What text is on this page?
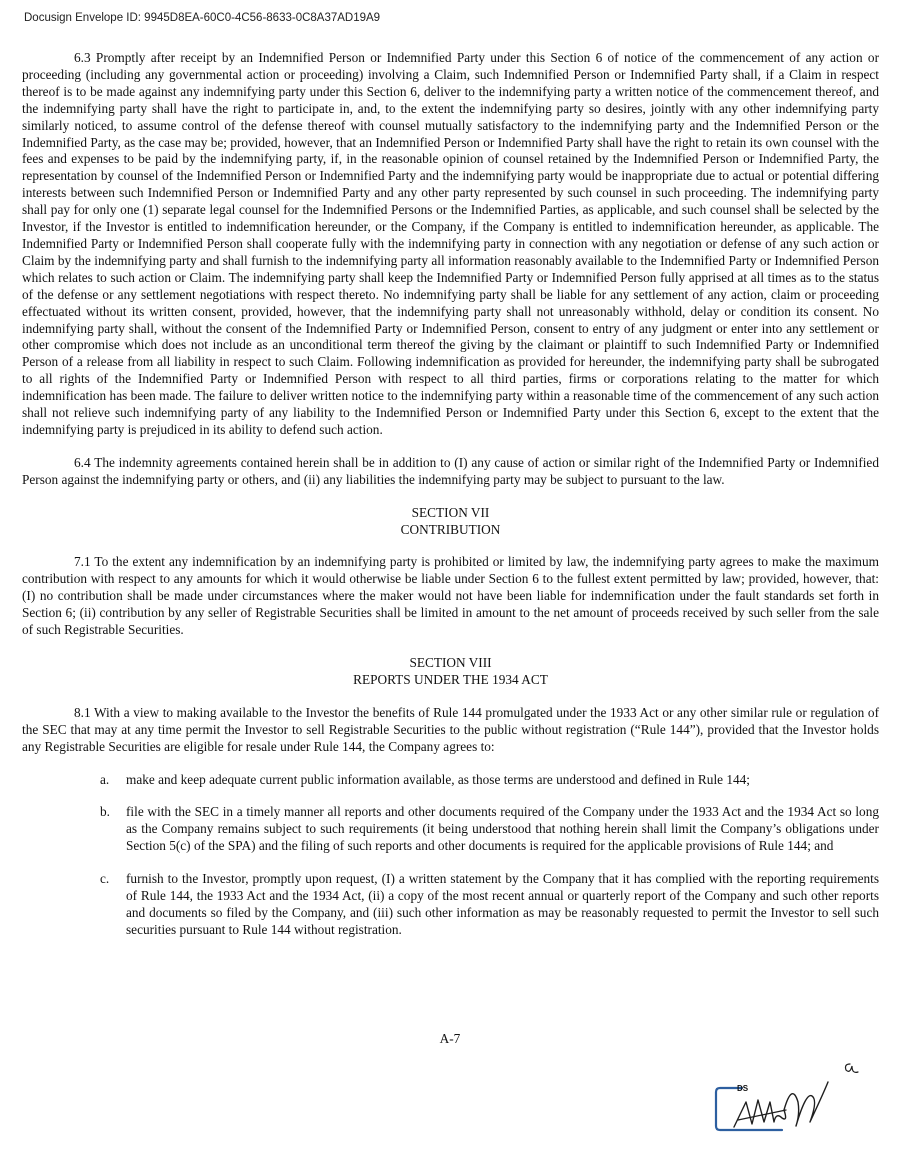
Docusign Envelope ID: 9945D8EA-60C0-4C56-8633-0C8A37AD19A9

6.3 Promptly after receipt by an Indemnified Person or Indemnified Party under this Section 6 of notice of the commencement of any action or proceeding (including any governmental action or proceeding) involving a Claim, such Indemnified Person or Indemnified Party shall, if a Claim in respect thereof is to be made against any indemnifying party under this Section 6, deliver to the indemnifying party a written notice of the commencement thereof, and the indemnifying party shall have the right to participate in, and, to the extent the indemnifying party so desires, jointly with any other indemnifying party similarly noticed, to assume control of the defense thereof with counsel mutually satisfactory to the indemnifying party and the Indemnified Person or the Indemnified Party, as the case may be; provided, however, that an Indemnified Person or Indemnified Party shall have the right to retain its own counsel with the fees and expenses to be paid by the indemnifying party, if, in the reasonable opinion of counsel retained by the Indemnified Person or Indemnified Party, the representation by counsel of the Indemnified Person or Indemnified Party and the indemnifying party would be inappropriate due to actual or potential differing interests between such Indemnified Person or Indemnified Party and any other party represented by such counsel in such proceeding. The indemnifying party shall pay for only one (1) separate legal counsel for the Indemnified Persons or the Indemnified Parties, as applicable, and such counsel shall be selected by the Investor, if the Investor is entitled to indemnification hereunder, or the Company, if the Company is entitled to indemnification hereunder, as applicable. The Indemnified Party or Indemnified Person shall cooperate fully with the indemnifying party in connection with any negotiation or defense of any such action or Claim by the indemnifying party and shall furnish to the indemnifying party all information reasonably available to the Indemnified Party or Indemnified Person which relates to such action or Claim. The indemnifying party shall keep the Indemnified Party or Indemnified Person fully apprised at all times as to the status of the defense or any settlement negotiations with respect thereto. No indemnifying party shall be liable for any settlement of any action, claim or proceeding effectuated without its written consent, provided, however, that the indemnifying party shall not unreasonably withhold, delay or condition its consent. No indemnifying party shall, without the consent of the Indemnified Party or Indemnified Person, consent to entry of any judgment or enter into any settlement or other compromise which does not include as an unconditional term thereof the giving by the claimant or plaintiff to such Indemnified Party or Indemnified Person of a release from all liability in respect to such Claim. Following indemnification as provided for hereunder, the indemnifying party shall be subrogated to all rights of the Indemnified Party or Indemnified Person with respect to all third parties, firms or corporations relating to the matter for which indemnification has been made. The failure to deliver written notice to the indemnifying party within a reasonable time of the commencement of any such action shall not relieve such indemnifying party of any liability to the Indemnified Person or Indemnified Party under this Section 6, except to the extent that the indemnifying party is prejudiced in its ability to defend such action.

6.4 The indemnity agreements contained herein shall be in addition to (I) any cause of action or similar right of the Indemnified Party or Indemnified Person against the indemnifying party or others, and (ii) any liabilities the indemnifying party may be subject to pursuant to the law.

SECTION VII

CONTRIBUTION

7.1 To the extent any indemnification by an indemnifying party is prohibited or limited by law, the indemnifying party agrees to make the maximum contribution with respect to any amounts for which it would otherwise be liable under Section 6 to the fullest extent permitted by law; provided, however, that: (I) no contribution shall be made under circumstances where the maker would not have been liable for indemnification under the fault standards set forth in Section 6; (ii) contribution by any seller of Registrable Securities shall be limited in amount to the net amount of proceeds received by such seller from the sale of such Registrable Securities.

SECTION VIII

REPORTS UNDER THE 1934 ACT

8.1 With a view to making available to the Investor the benefits of Rule 144 promulgated under the 1933 Act or any other similar rule or regulation of the SEC that may at any time permit the Investor to sell Registrable Securities to the public without registration (“Rule 144”), provided that the Investor holds any Registrable Securities are eligible for resale under Rule 144, the Company agrees to:

a.	make and keep adequate current public information available, as those terms are understood and defined in Rule 144;
b.	file with the SEC in a timely manner all reports and other documents required of the Company under the 1933 Act and the 1934 Act so long as the Company remains subject to such requirements (it being understood that nothing herein shall limit the Company’s obligations under Section 5(c) of the SPA) and the filing of such reports and other documents is required for the applicable provisions of Rule 144; and
c.	furnish to the Investor, promptly upon request, (I) a written statement by the Company that it has complied with the reporting requirements of Rule 144, the 1933 Act and the 1934 Act, (ii) a copy of the most recent annual or quarterly report of the Company and such other reports and documents so filed by the Company, and (iii) such other information as may be reasonably requested to permit the Investor to sell such securities pursuant to Rule 144 without registration.
A-7
DS
